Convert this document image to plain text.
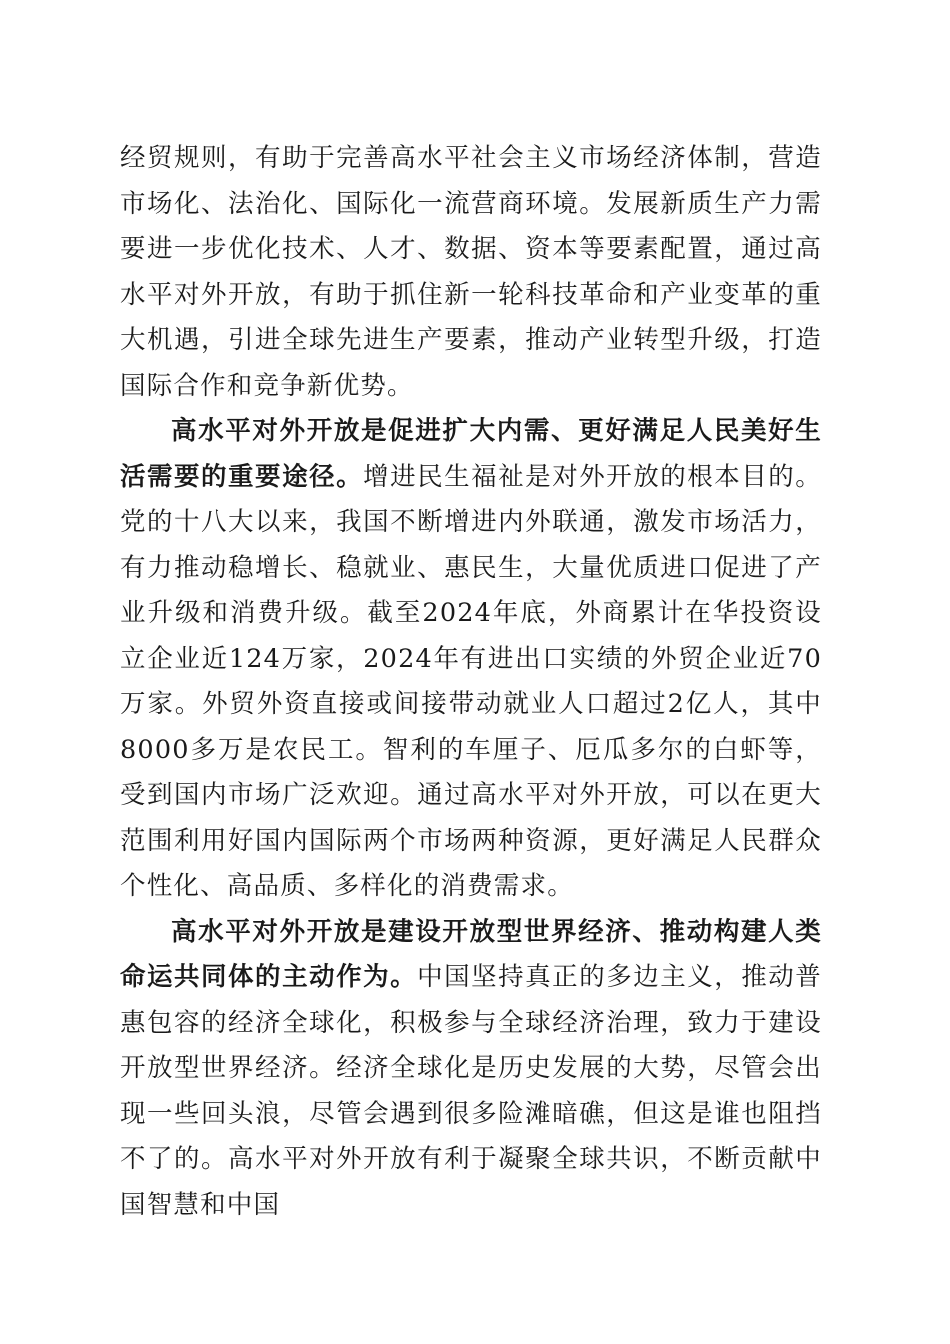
经贸规则，有助于完善高水平社会主义市场经济体制，营造市场化、法治化、国际化一流营商环境。发展新质生产力需要进一步优化技术、人才、数据、资本等要素配置，通过高水平对外开放，有助于抓住新一轮科技革命和产业变革的重大机遇，引进全球先进生产要素，推动产业转型升级，打造国际合作和竞争新优势。

高水平对外开放是促进扩大内需、更好满足人民美好生活需要的重要途径。增进民生福祉是对外开放的根本目的。党的十八大以来，我国不断增进内外联通，激发市场活力，有力推动稳增长、稳就业、惠民生，大量优质进口促进了产业升级和消费升级。截至2024年底，外商累计在华投资设立企业近124万家，2024年有进出口实绩的外贸企业近70万家。外贸外资直接或间接带动就业人口超过2亿人，其中8000多万是农民工。智利的车厘子、厄瓜多尔的白虾等，受到国内市场广泛欢迎。通过高水平对外开放，可以在更大范围利用好国内国际两个市场两种资源，更好满足人民群众个性化、高品质、多样化的消费需求。

高水平对外开放是建设开放型世界经济、推动构建人类命运共同体的主动作为。中国坚持真正的多边主义，推动普惠包容的经济全球化，积极参与全球经济治理，致力于建设开放型世界经济。经济全球化是历史发展的大势，尽管会出现一些回头浪，尽管会遇到很多险滩暗礁，但这是谁也阻挡不了的。高水平对外开放有利于凝聚全球共识，不断贡献中国智慧和中国
